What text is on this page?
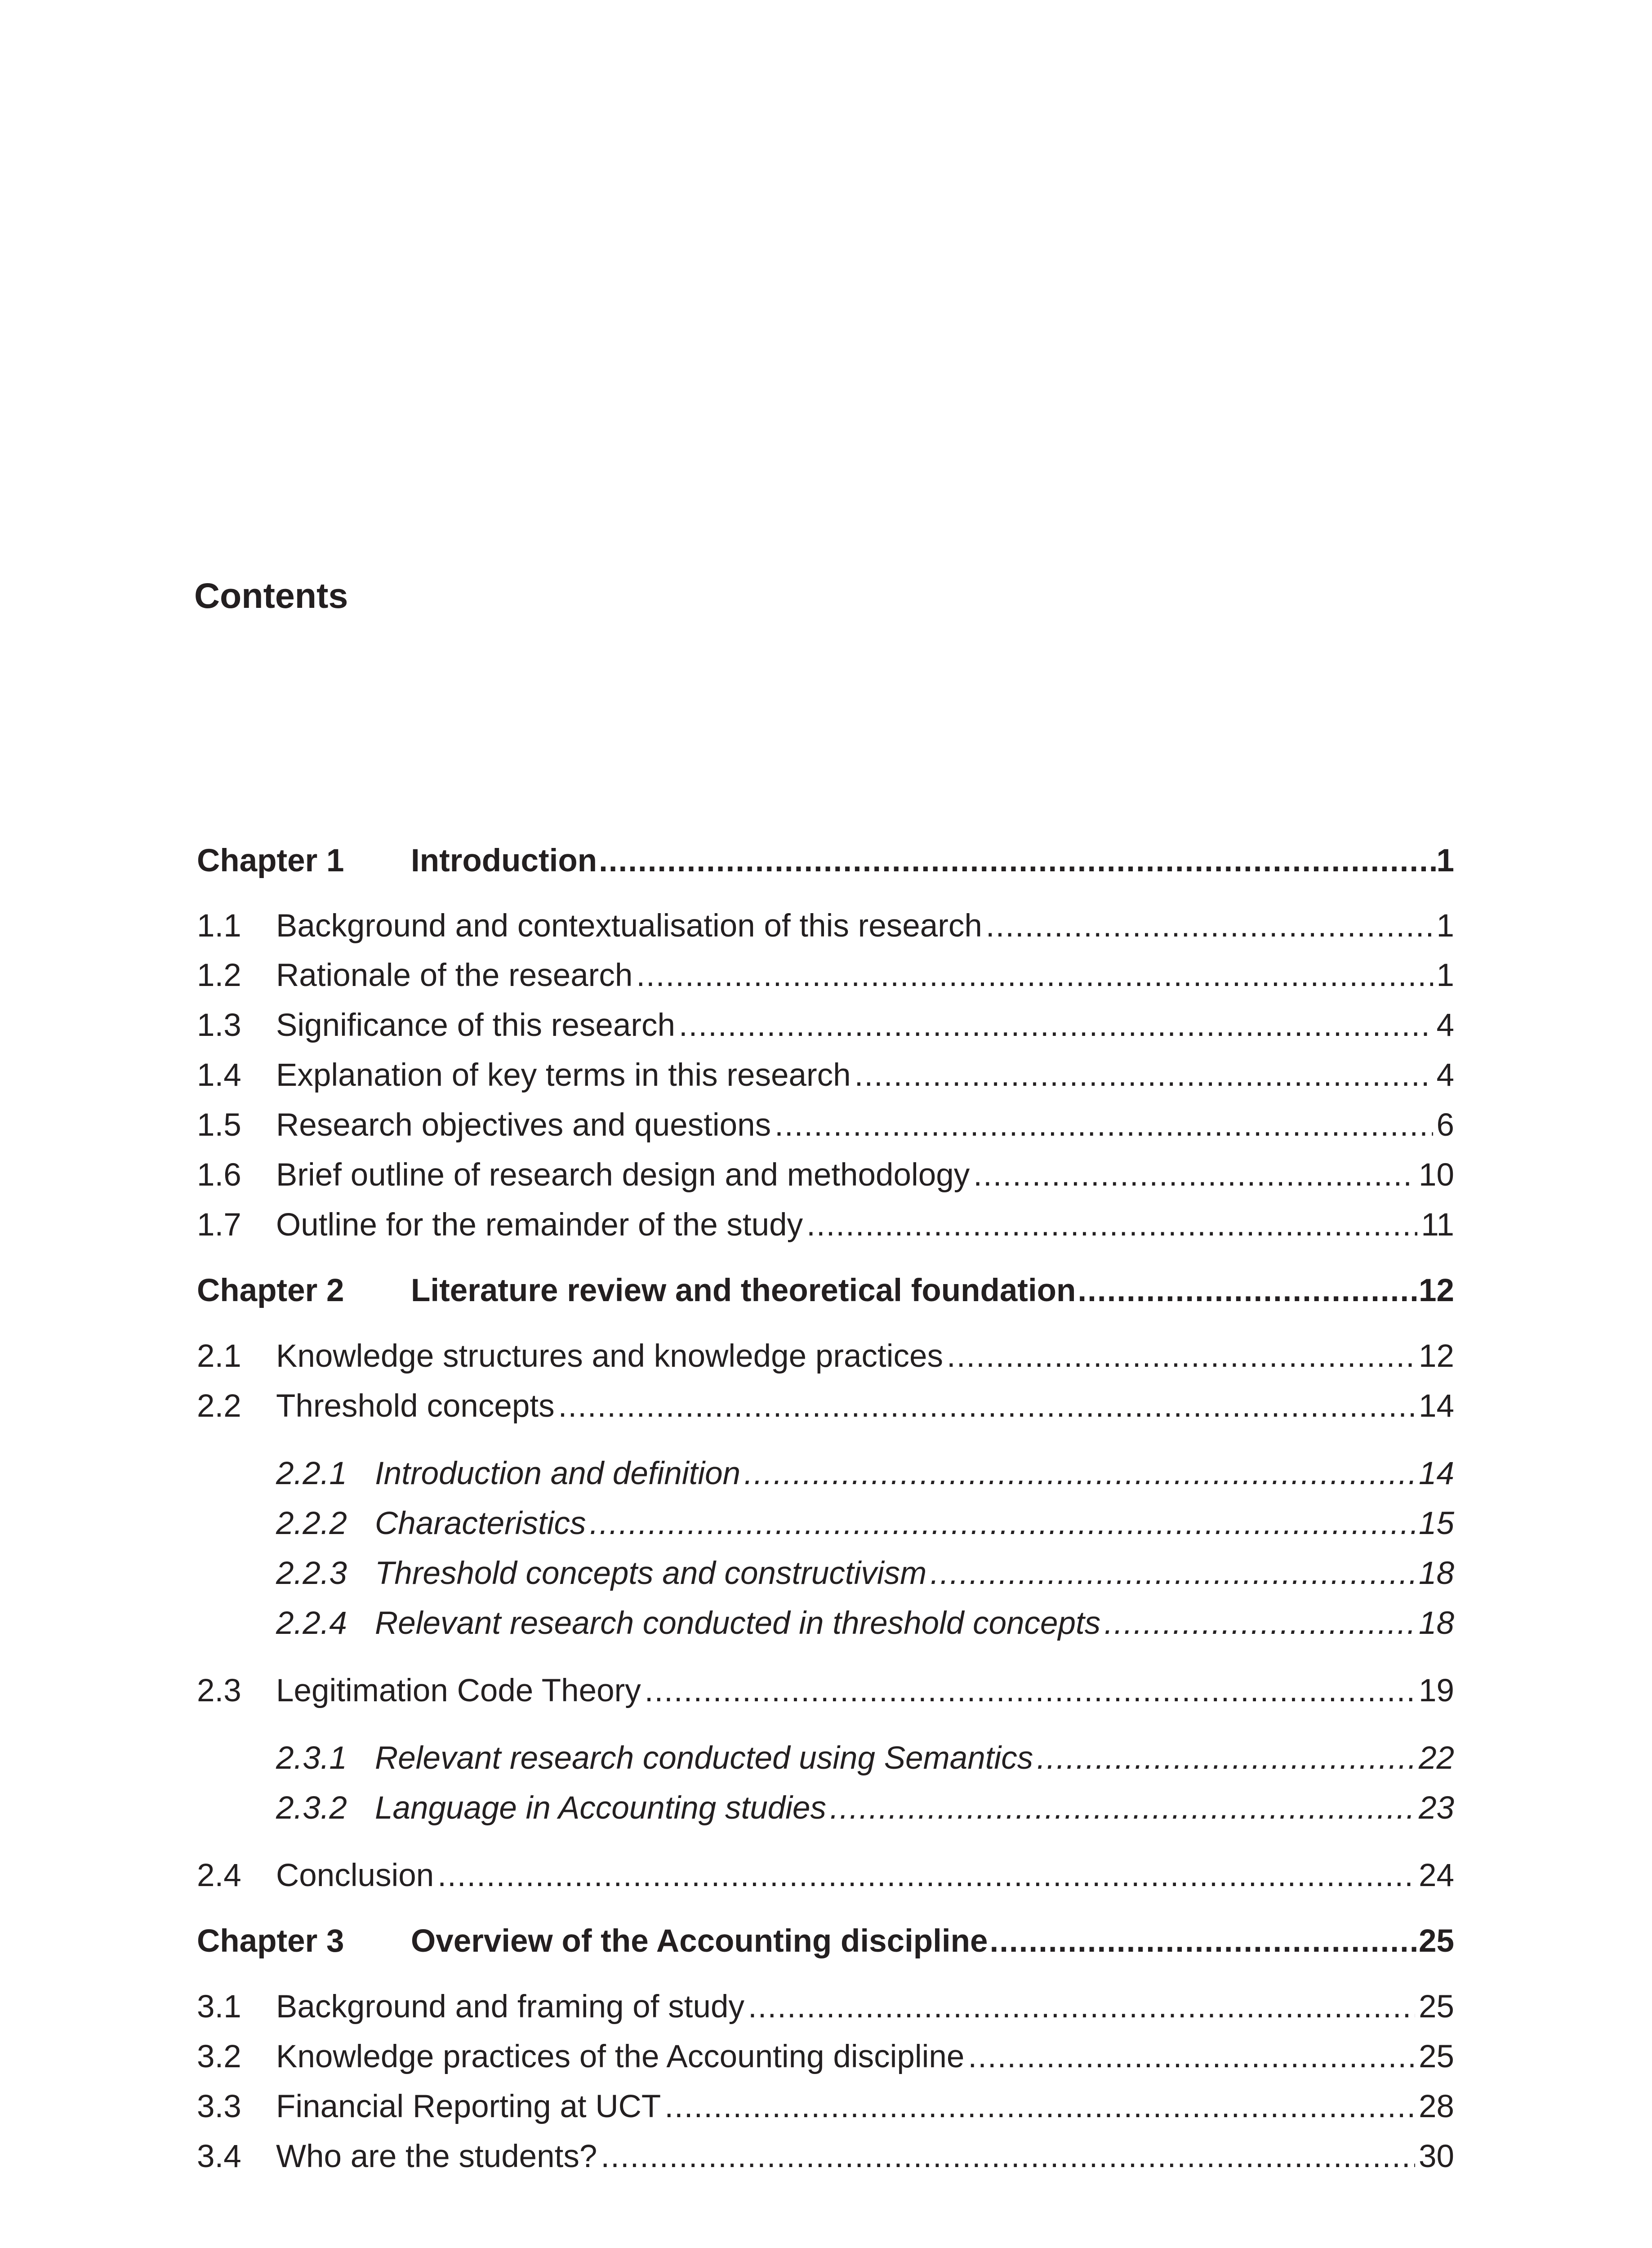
Contents
Chapter 1	Introduction .....	1
1.1	Background and contextualisation of this research .....	1
1.2	Rationale of the research .....	1
1.3	Significance of this research .....	4
1.4	Explanation of key terms in this research .....	4
1.5	Research objectives and questions .....	6
1.6	Brief outline of research design and methodology .....	10
1.7	Outline for the remainder of the study .....	11
Chapter 2	Literature review and theoretical foundation .....	12
2.1	Knowledge structures and knowledge practices .....	12
2.2	Threshold concepts .....	14
2.2.1 Introduction and definition .....	14
2.2.2 Characteristics .....	15
2.2.3 Threshold concepts and constructivism .....	18
2.2.4 Relevant research conducted in threshold concepts .....	18
2.3	Legitimation Code Theory .....	19
2.3.1 Relevant research conducted using Semantics .....	22
2.3.2 Language in Accounting studies .....	23
2.4	Conclusion .....	24
Chapter 3	Overview of the Accounting discipline .....	25
3.1	Background and framing of study .....	25
3.2	Knowledge practices of the Accounting discipline .....	25
3.3	Financial Reporting at UCT .....	28
3.4	Who are the students? .....	30
